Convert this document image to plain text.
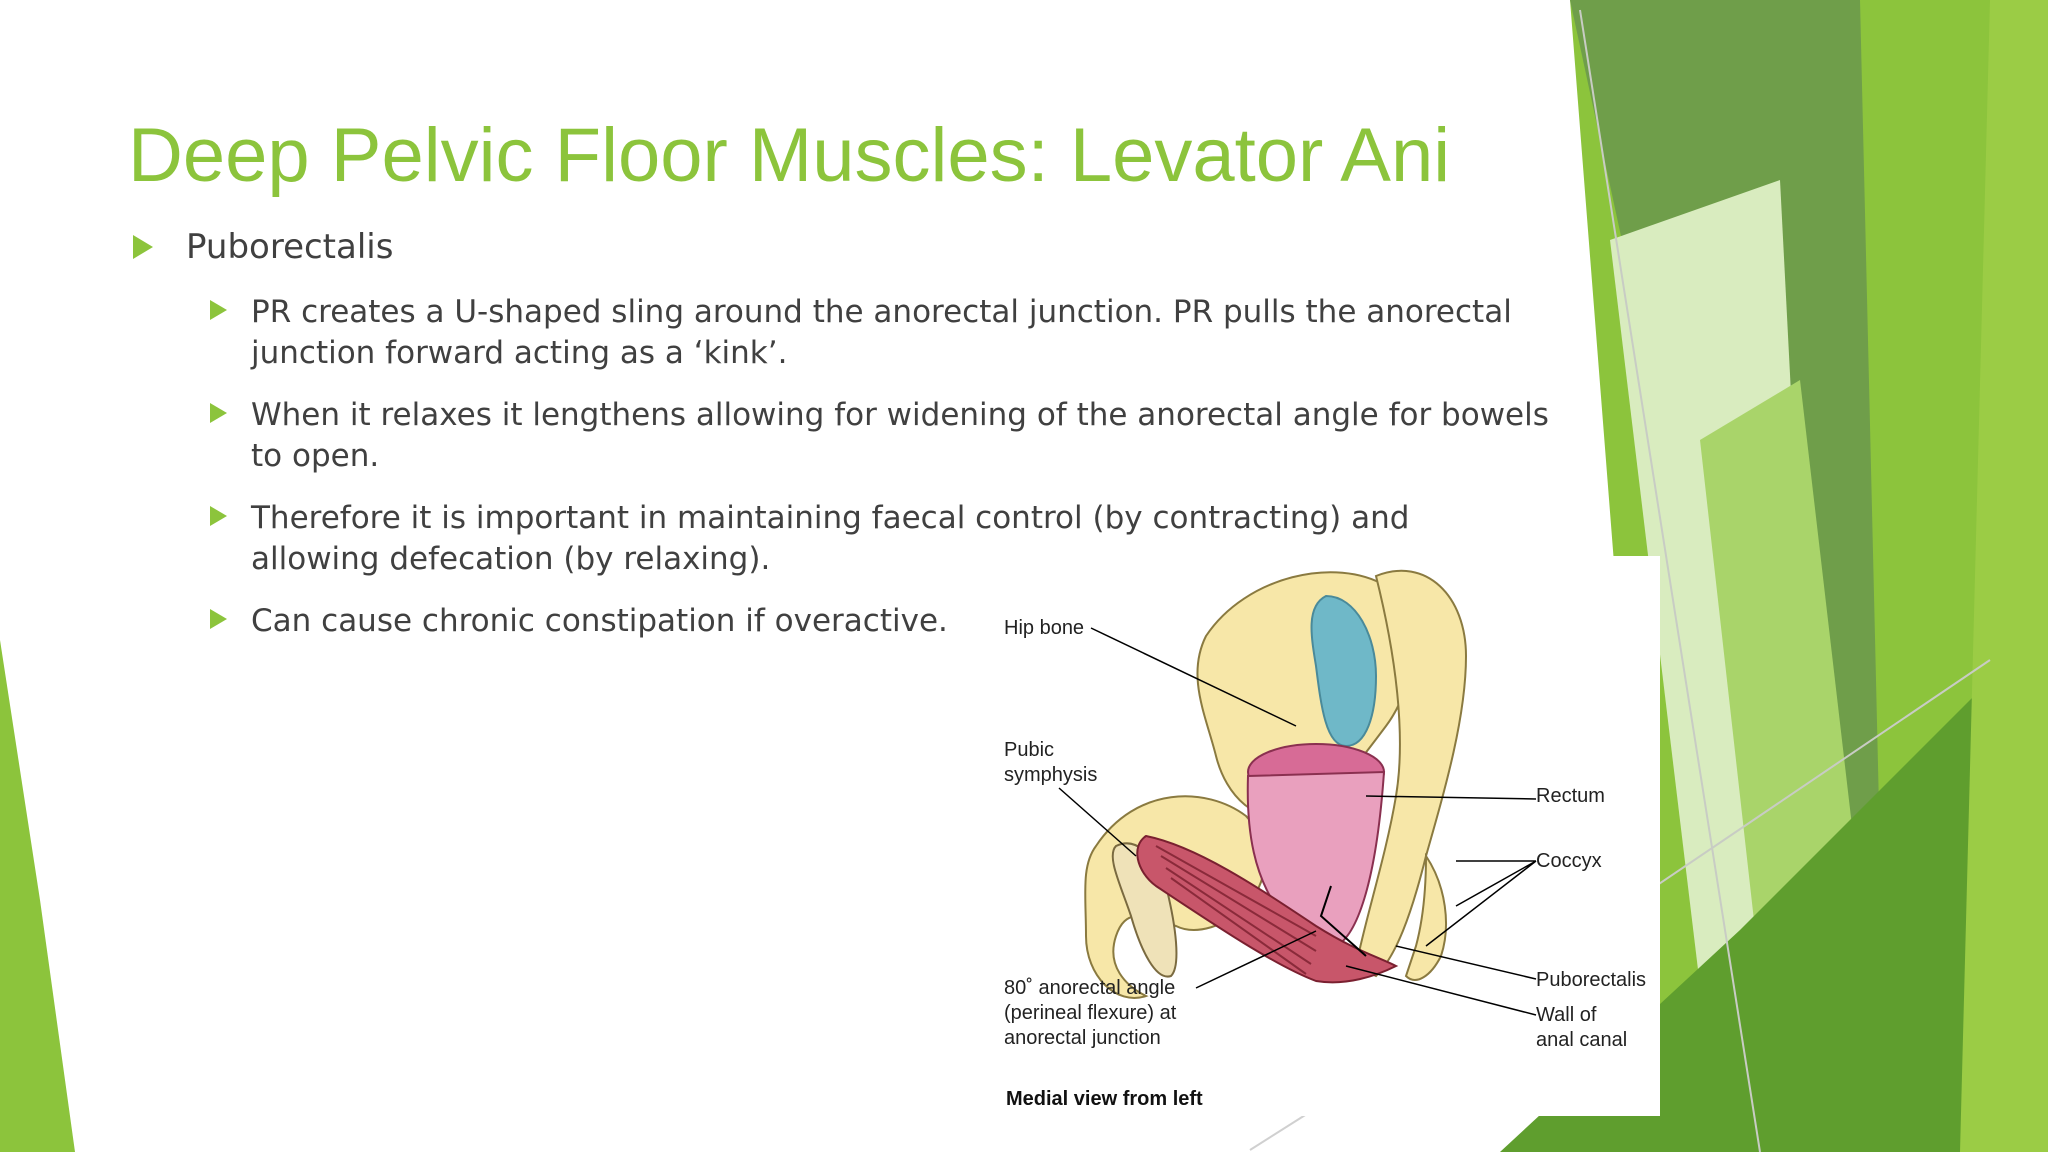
Deep Pelvic Floor Muscles: Levator Ani
Puborectalis
PR creates a U-shaped sling around the anorectal junction. PR pulls the anorectal junction forward acting as a ‘kink’.
When it relaxes it lengthens allowing for widening of the anorectal angle for bowels to open.
Therefore it is important in maintaining faecal control (by contracting) and allowing defecation (by relaxing).
Can cause chronic constipation if overactive.	Hip bone
Pubic
symphysis
Rectum
Coccyx
80˚ anorectal angle
(perineal flexure) at
anorectal junction
Puborectalis
Wall of
anal canal
Medial view from left
